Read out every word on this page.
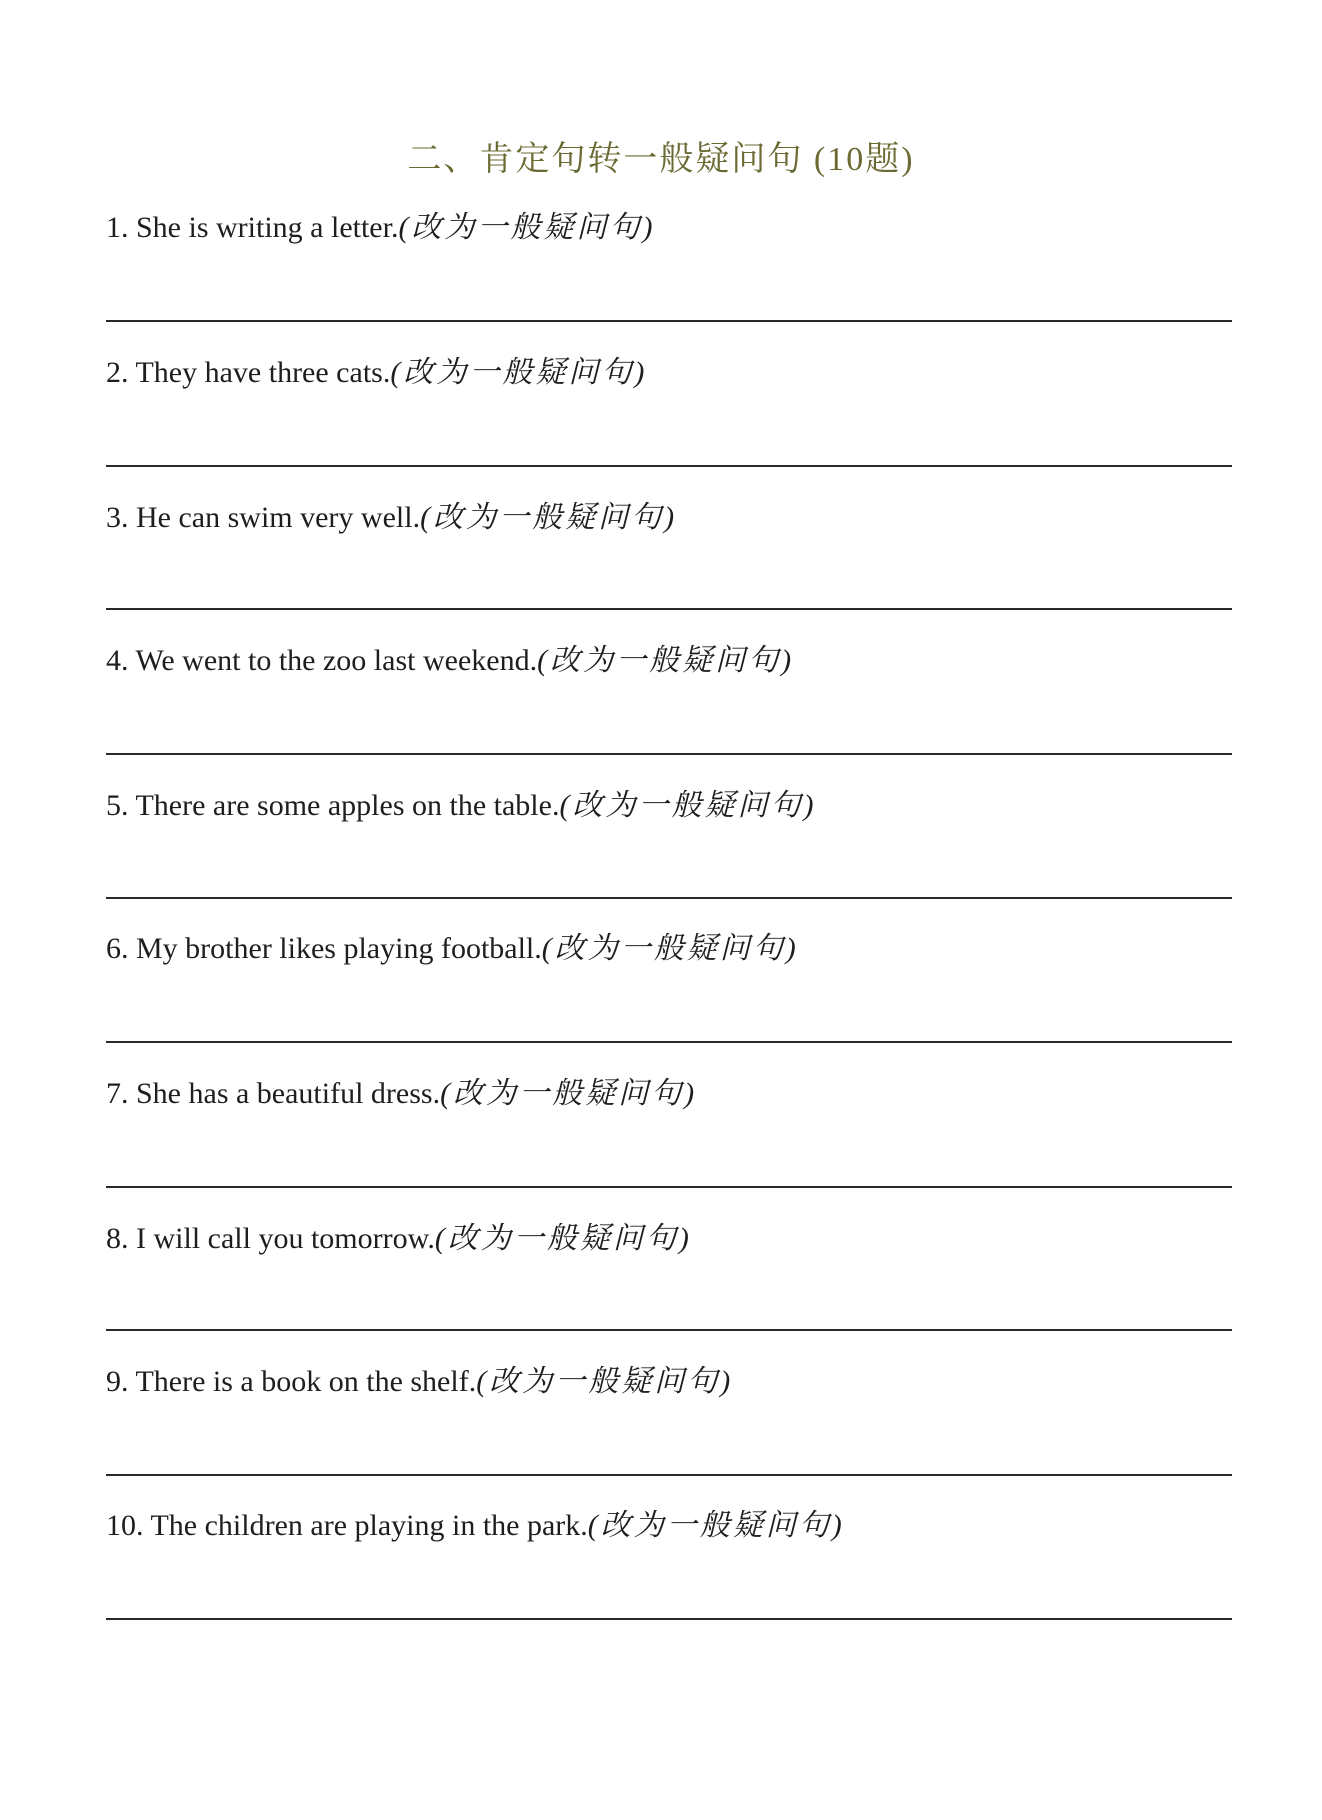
二、肯定句转一般疑问句 (10题)
1. She is writing a letter.(改为一般疑问句)
2. They have three cats.(改为一般疑问句)
3. He can swim very well.(改为一般疑问句)
4. We went to the zoo last weekend.(改为一般疑问句)
5. There are some apples on the table.(改为一般疑问句)
6. My brother likes playing football.(改为一般疑问句)
7. She has a beautiful dress.(改为一般疑问句)
8. I will call you tomorrow.(改为一般疑问句)
9. There is a book on the shelf.(改为一般疑问句)
10. The children are playing in the park.(改为一般疑问句)
